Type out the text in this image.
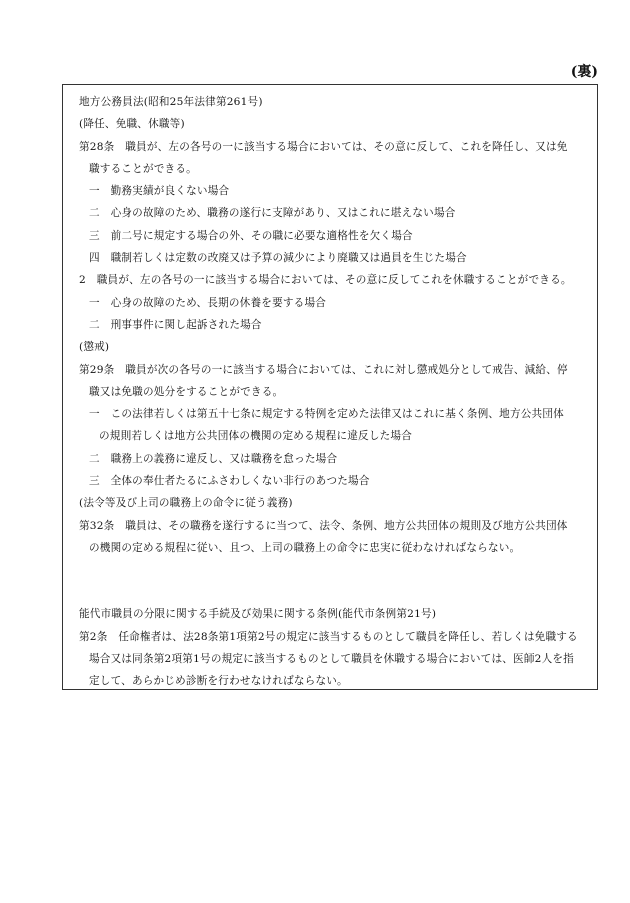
(裏)
地方公務員法(昭和25年法律第261号)
(降任、免職、休職等)
第28条　職員が、左の各号の一に該当する場合においては、その意に反して、これを降任し、又は免
職することができる。
一　勤務実績が良くない場合
二　心身の故障のため、職務の遂行に支障があり、又はこれに堪えない場合
三　前二号に規定する場合の外、その職に必要な適格性を欠く場合
四　職制若しくは定数の改廃又は予算の減少により廃職又は過員を生じた場合
2　職員が、左の各号の一に該当する場合においては、その意に反してこれを休職することができる。
一　心身の故障のため、長期の休養を要する場合
二　刑事事件に関し起訴された場合
(懲戒)
第29条　職員が次の各号の一に該当する場合においては、これに対し懲戒処分として戒告、減給、停
職又は免職の処分をすることができる。
一　この法律若しくは第五十七条に規定する特例を定めた法律又はこれに基く条例、地方公共団体
の規則若しくは地方公共団体の機関の定める規程に違反した場合
二　職務上の義務に違反し、又は職務を怠った場合
三　全体の奉仕者たるにふさわしくない非行のあつた場合
(法令等及び上司の職務上の命令に従う義務)
第32条　職員は、その職務を遂行するに当つて、法令、条例、地方公共団体の規則及び地方公共団体
の機関の定める規程に従い、且つ、上司の職務上の命令に忠実に従わなければならない。
能代市職員の分限に関する手続及び効果に関する条例(能代市条例第21号)
第2条　任命権者は、法28条第1項第2号の規定に該当するものとして職員を降任し、若しくは免職する
場合又は同条第2項第1号の規定に該当するものとして職員を休職する場合においては、医師2人を指
定して、あらかじめ診断を行わせなければならない。
